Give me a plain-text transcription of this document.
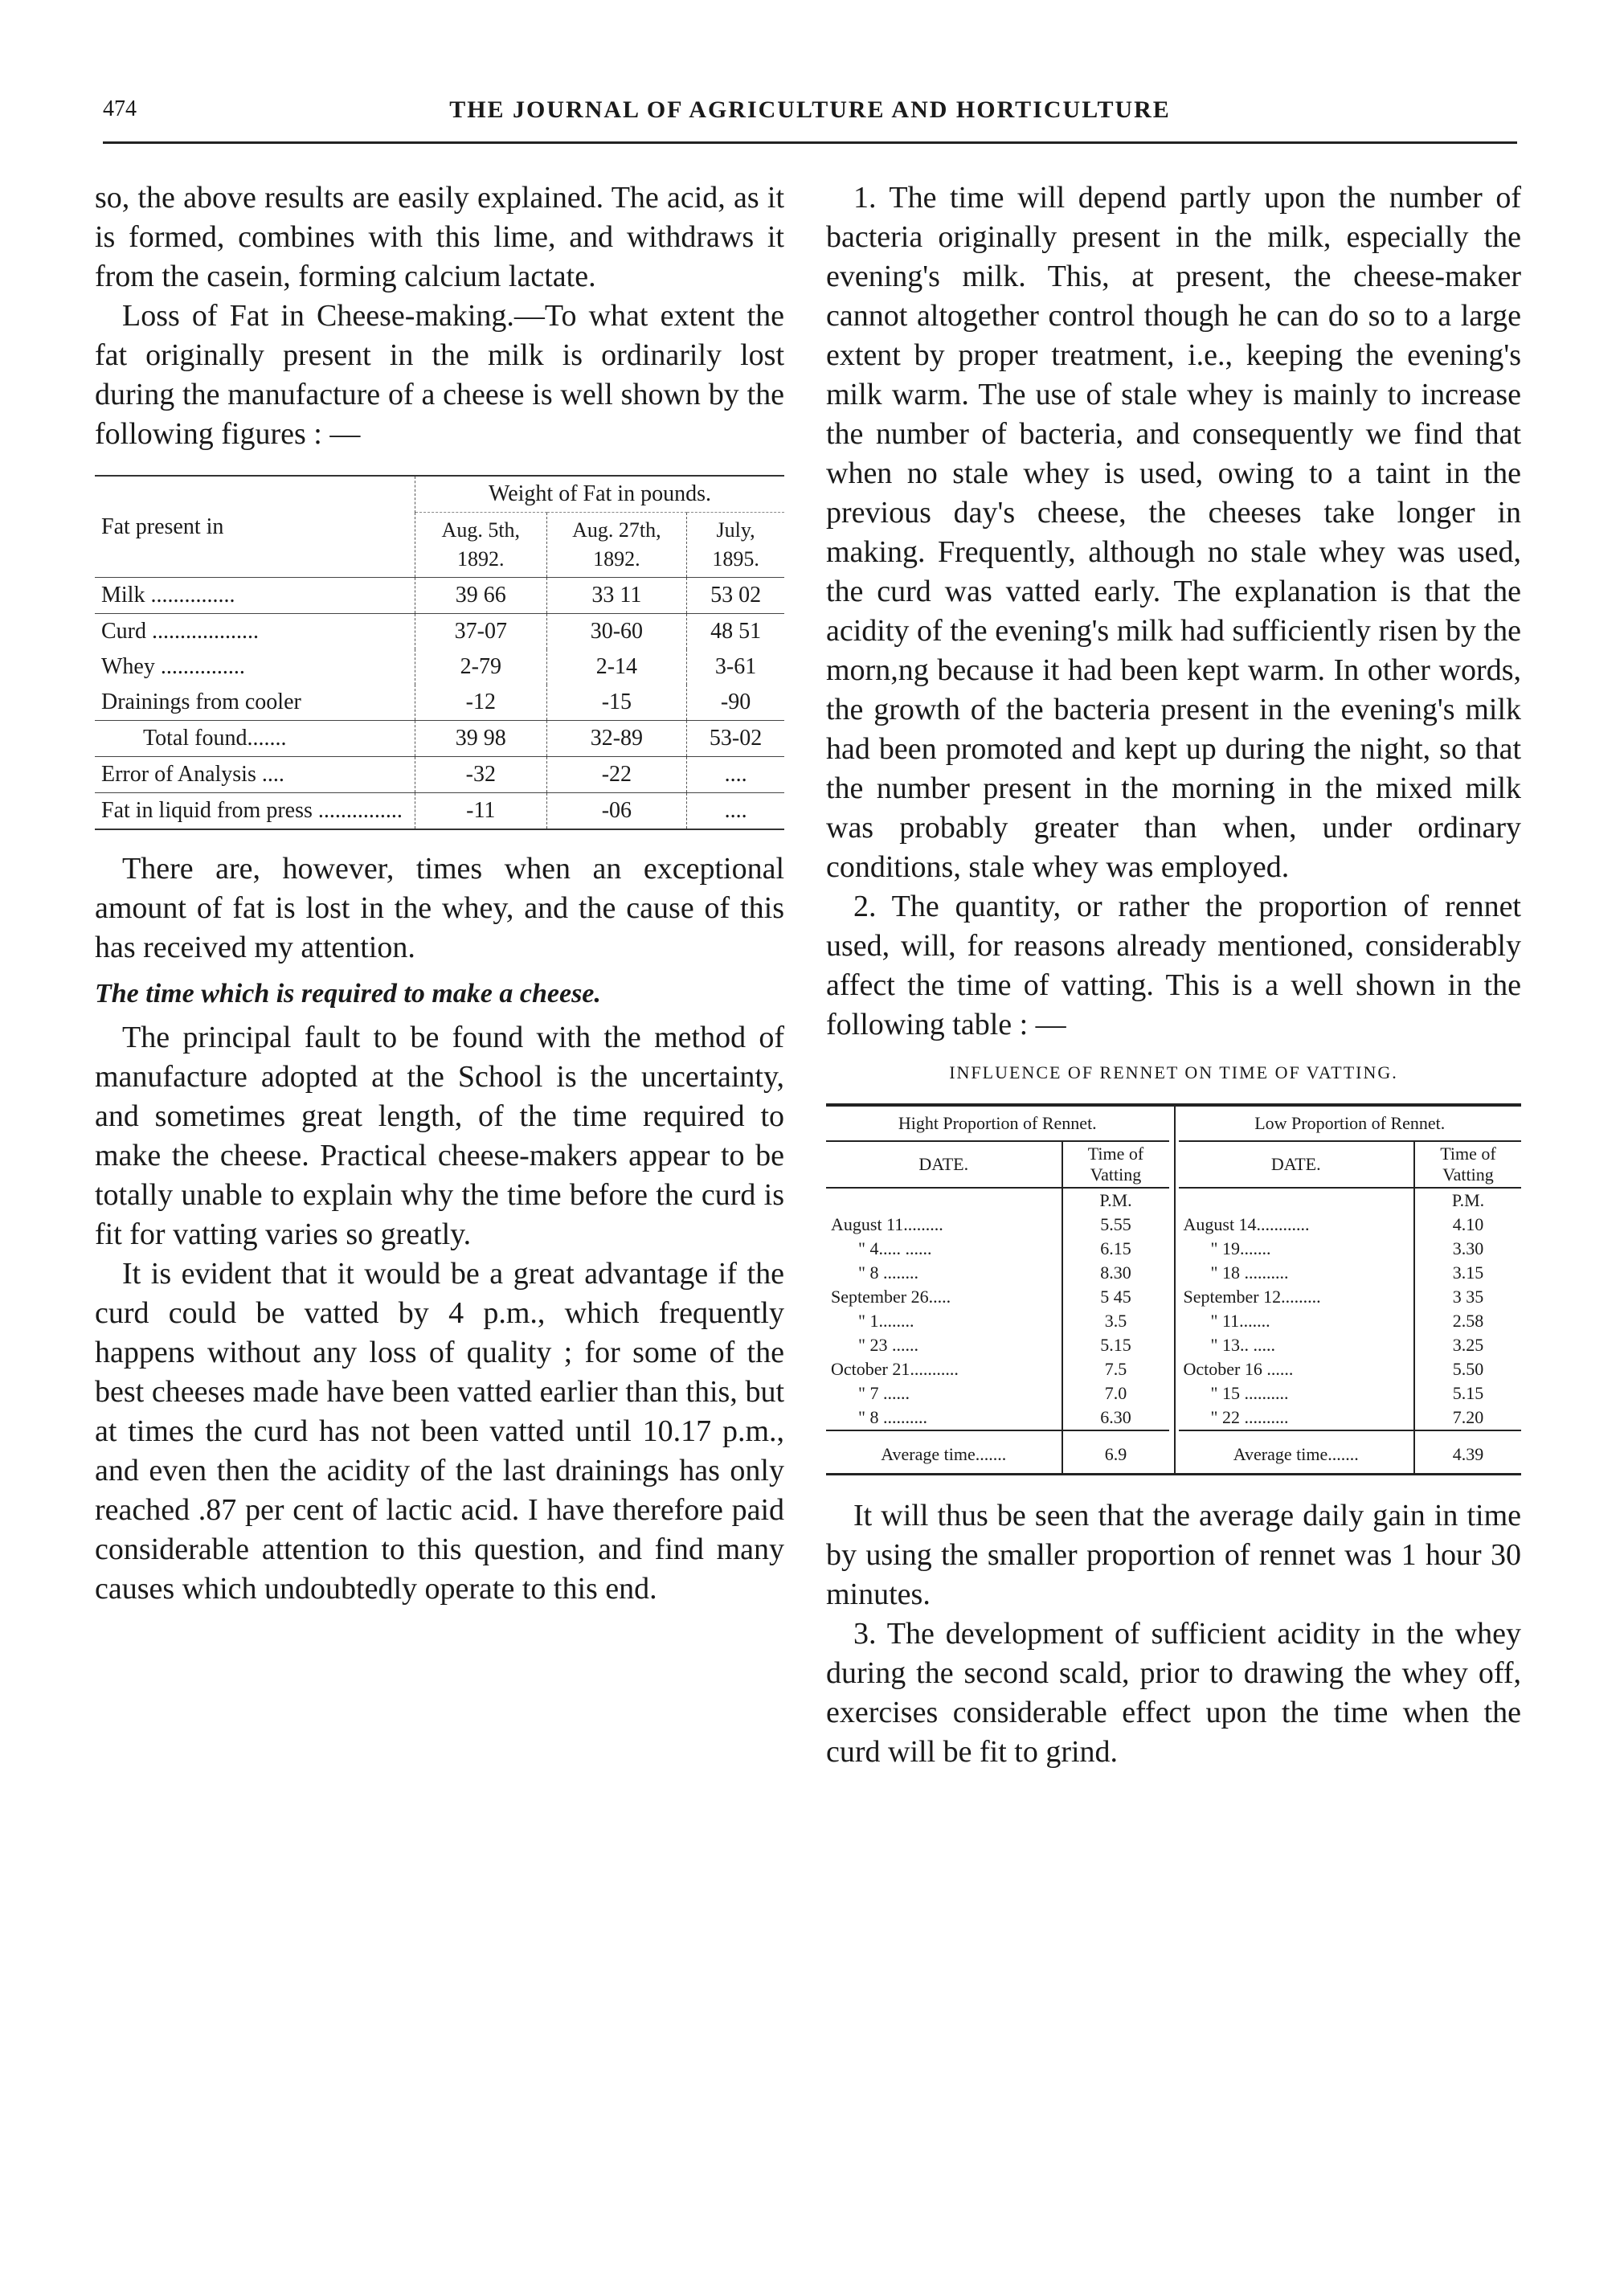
474	THE JOURNAL OF AGRICULTURE AND HORTICULTURE

so, the above results are easily explained. The acid, as it is formed, combines with this lime, and withdraws it from the casein, forming calcium lactate.

Loss of Fat in Cheese-making.—To what extent the fat originally present in the milk is ordinarily lost during the manufacture of a cheese is well shown by the following figures : —

Fat present in	Weight of Fat in pounds.		
	Aug. 5th, 1892.	Aug. 27th, 1892.	July, 1895.
Milk ...............	39 66	33 11	53 02
Curd ...................	37-07	30-60	48 51
Whey ...............	2-79	2-14	3-61
Drainings from cooler	-12	-15	-90
Total found.......	39 98	32-89	53-02
Error of Analysis ....	-32	-22	....
Fat in liquid from press ...............	-11	-06	....

There are, however, times when an exceptional amount of fat is lost in the whey, and the cause of this has received my attention.

The time which is required to make a cheese.

The principal fault to be found with the method of manufacture adopted at the School is the uncertainty, and sometimes great length, of the time required to make the cheese. Practical cheese-makers appear to be totally unable to explain why the time before the curd is fit for vatting varies so greatly.

It is evident that it would be a great advantage if the curd could be vatted by 4 p.m., which frequently happens without any loss of quality ; for some of the best cheeses made have been vatted earlier than this, but at times the curd has not been vatted until 10.17 p.m., and even then the acidity of the last drainings has only reached .87 per cent of lactic acid. I have therefore paid considerable attention to this question, and find many causes which undoubtedly operate to this end.

1. The time will depend partly upon the number of bacteria originally present in the milk, especially the evening's milk. This, at present, the cheese-maker cannot altogether control though he can do so to a large extent by proper treatment, i.e., keeping the evening's milk warm. The use of stale whey is mainly to increase the number of bacteria, and consequently we find that when no stale whey is used, owing to a taint in the previous day's cheese, the cheeses take longer in making. Frequently, although no stale whey was used, the curd was vatted early. The explanation is that the acidity of the evening's milk had sufficiently risen by the morn,ng because it had been kept warm. In other words, the growth of the bacteria present in the evening's milk had been promoted and kept up during the night, so that the number present in the morning in the mixed milk was probably greater than when, under ordinary conditions, stale whey was employed.

2. The quantity, or rather the proportion of rennet used, will, for reasons already mentioned, considerably affect the time of vatting. This is a well shown in the following table : —

INFLUENCE OF RENNET ON TIME OF VATTING.
Hight Proportion of Rennet.	
DATE.	Time of Vatting
	P.M.
August 11.........	5.55
" 4..... ......	6.15
" 8 ........	8.30
September 26.....	5 45
" 1........	3.5
" 23 ......	5.15
October 21...........	7.5
" 7 ......	7.0
" 8 ..........	6.30
Average time.......	6.9
Low Proportion of Rennet.	
DATE.	Time of Vatting
	P.M.
August 14............	4.10
" 19.......	3.30
" 18 ..........	3.15
September 12.........	3 35
" 11.......	2.58
" 13.. .....	3.25
October 16 ......	5.50
" 15 ..........	5.15
" 22 ..........	7.20
Average time.......	4.39

It will thus be seen that the average daily gain in time by using the smaller proportion of rennet was 1 hour 30 minutes.

3. The development of sufficient acidity in the whey during the second scald, prior to drawing the whey off, exercises considerable effect upon the time when the curd will be fit to grind.
